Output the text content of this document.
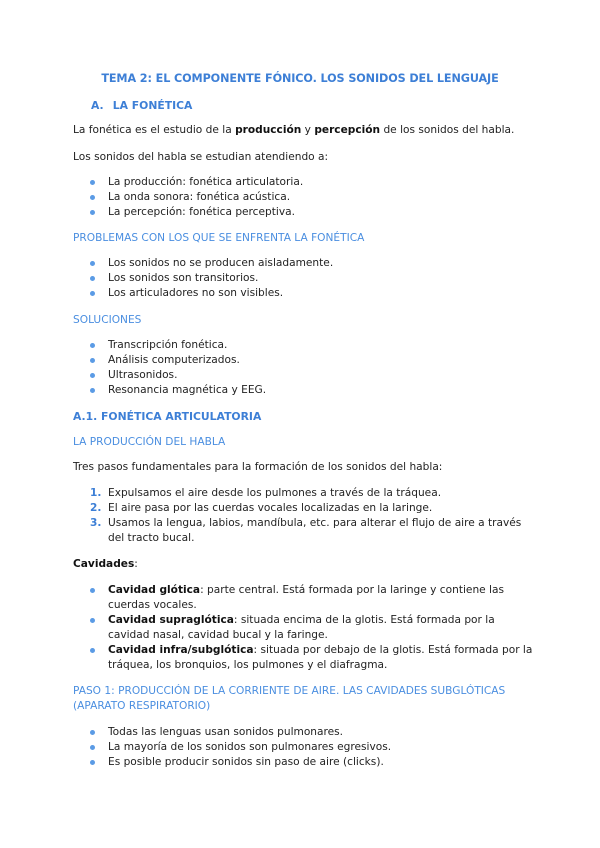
TEMA 2: EL COMPONENTE FÓNICO. LOS SONIDOS DEL LENGUAJE
A. LA FONÉTICA
La fonética es el estudio de la producción y percepción de los sonidos del habla.
Los sonidos del habla se estudian atendiendo a:
La producción: fonética articulatoria.
La onda sonora: fonética acústica.
La percepción: fonética perceptiva.
PROBLEMAS CON LOS QUE SE ENFRENTA LA FONÉTICA
Los sonidos no se producen aisladamente.
Los sonidos son transitorios.
Los articuladores no son visibles.
SOLUCIONES
Transcripción fonética.
Análisis computerizados.
Ultrasonidos.
Resonancia magnética y EEG.
A.1. FONÉTICA ARTICULATORIA
LA PRODUCCIÓN DEL HABLA
Tres pasos fundamentales para la formación de los sonidos del habla:
1. Expulsamos el aire desde los pulmones a través de la tráquea.
2. El aire pasa por las cuerdas vocales localizadas en la laringe.
3. Usamos la lengua, labios, mandíbula, etc. para alterar el flujo de aire a través del tracto bucal.
Cavidades:
Cavidad glótica: parte central. Está formada por la laringe y contiene las cuerdas vocales.
Cavidad supraglótica: situada encima de la glotis. Está formada por la cavidad nasal, cavidad bucal y la faringe.
Cavidad infra/subglótica: situada por debajo de la glotis. Está formada por la tráquea, los bronquios, los pulmones y el diafragma.
PASO 1: PRODUCCIÓN DE LA CORRIENTE DE AIRE. LAS CAVIDADES SUBGLÓTICAS (APARATO RESPIRATORIO)
Todas las lenguas usan sonidos pulmonares.
La mayoría de los sonidos son pulmonares egresivos.
Es posible producir sonidos sin paso de aire (clicks).
